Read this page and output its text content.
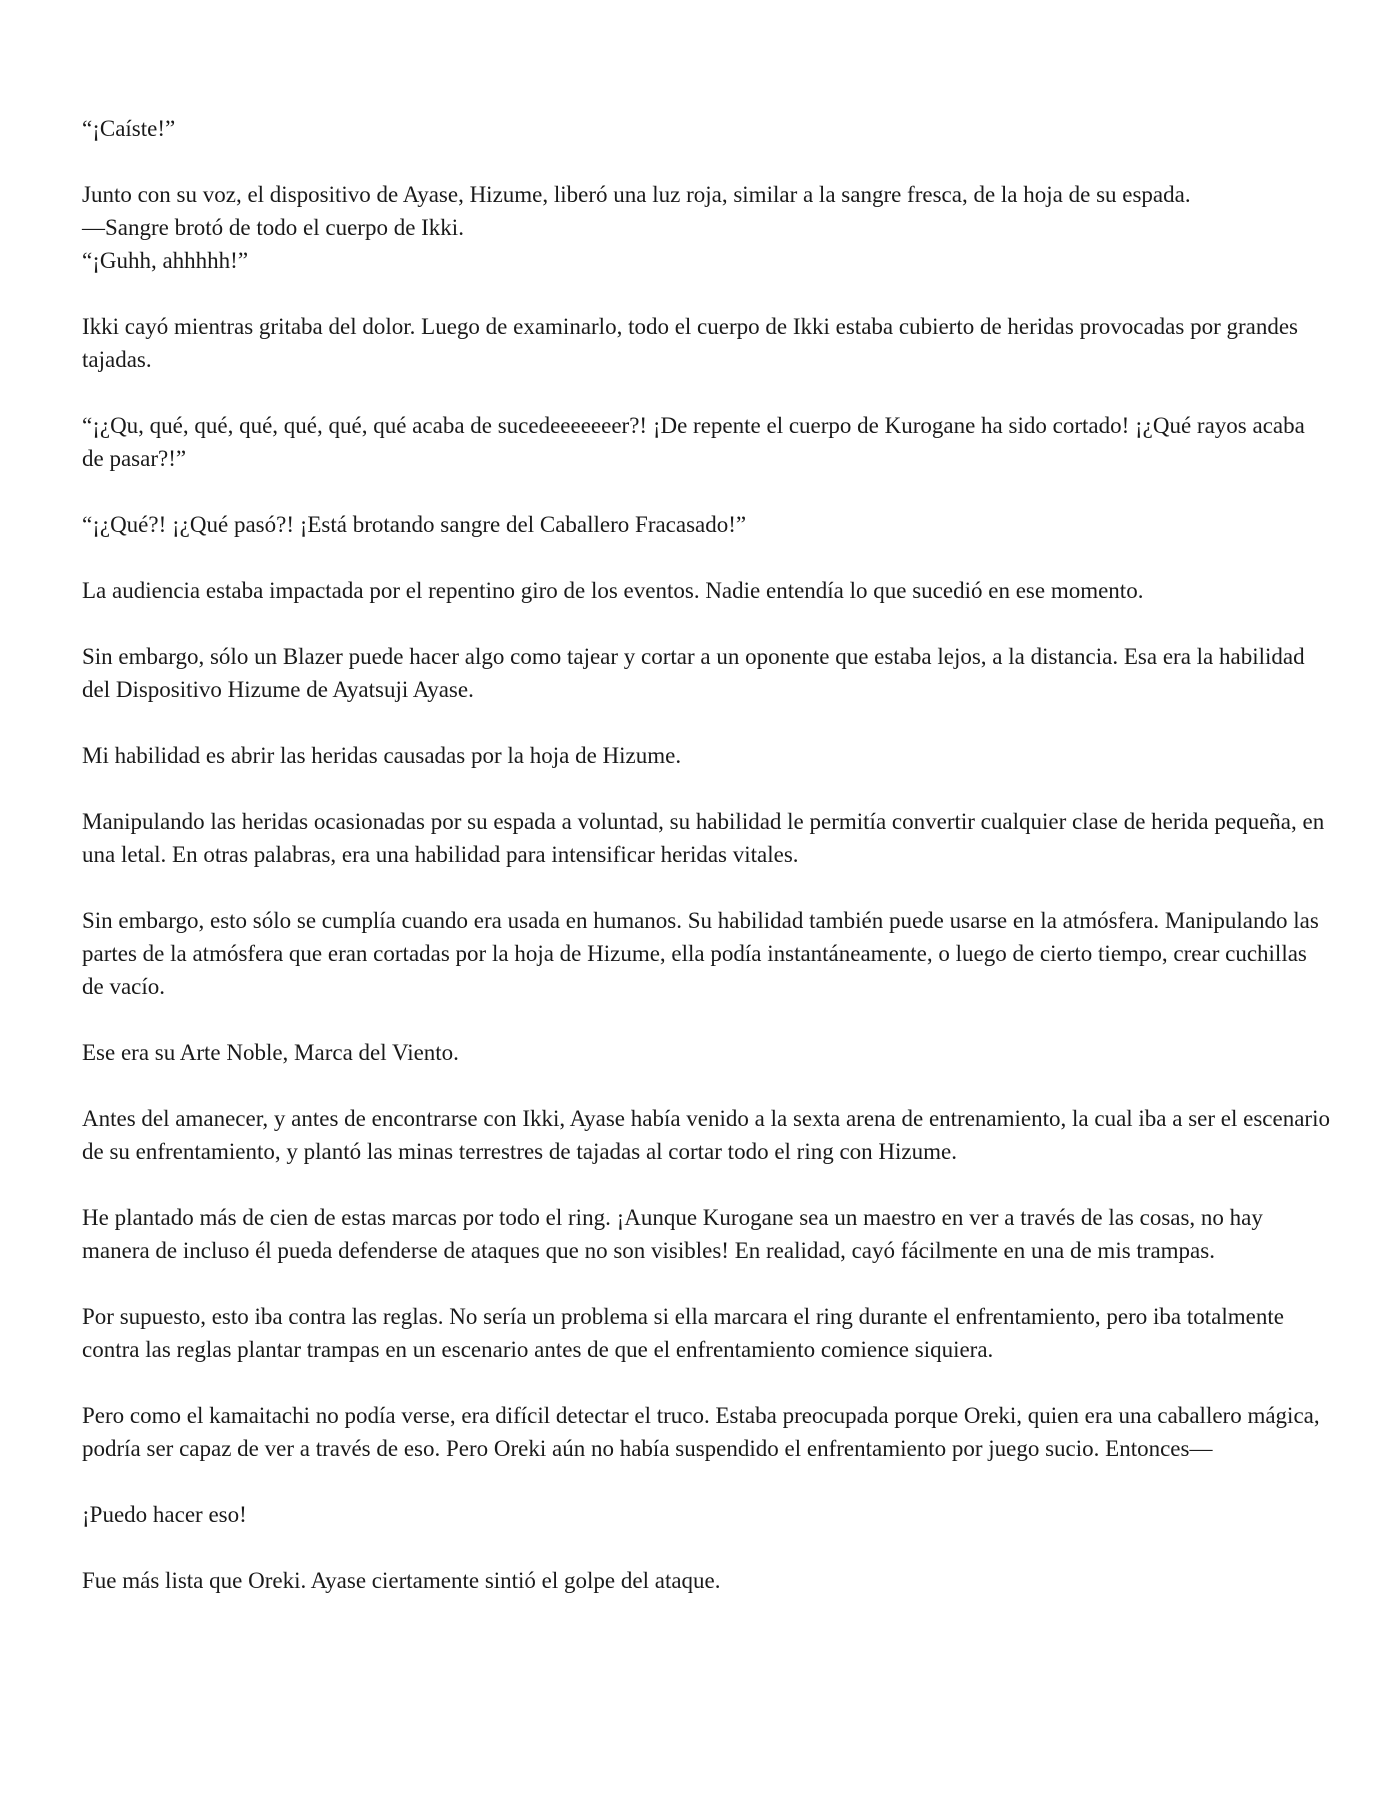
“¡Caíste!”

Junto con su voz, el dispositivo de Ayase, Hizume, liberó una luz roja, similar a la sangre fresca, de la hoja de su espada.

—Sangre brotó de todo el cuerpo de Ikki.

“¡Guhh, ahhhhh!”

Ikki cayó mientras gritaba del dolor. Luego de examinarlo, todo el cuerpo de Ikki estaba cubierto de heridas provocadas por grandes tajadas.

“¡¿Qu, qué, qué, qué, qué, qué, qué acaba de sucedeeeeeeer?! ¡De repente el cuerpo de Kurogane ha sido cortado! ¡¿Qué rayos acaba de pasar?!”

“¡¿Qué?! ¡¿Qué pasó?! ¡Está brotando sangre del Caballero Fracasado!”

La audiencia estaba impactada por el repentino giro de los eventos. Nadie entendía lo que sucedió en ese momento.

Sin embargo, sólo un Blazer puede hacer algo como tajear y cortar a un oponente que estaba lejos, a la distancia. Esa era la habilidad del Dispositivo Hizume de Ayatsuji Ayase.

Mi habilidad es abrir las heridas causadas por la hoja de Hizume.

Manipulando las heridas ocasionadas por su espada a voluntad, su habilidad le permitía convertir cualquier clase de herida pequeña, en una letal. En otras palabras, era una habilidad para intensificar heridas vitales.

Sin embargo, esto sólo se cumplía cuando era usada en humanos. Su habilidad también puede usarse en la atmósfera. Manipulando las partes de la atmósfera que eran cortadas por la hoja de Hizume, ella podía instantáneamente, o luego de cierto tiempo, crear cuchillas de vacío.

Ese era su Arte Noble, Marca del Viento.

Antes del amanecer, y antes de encontrarse con Ikki, Ayase había venido a la sexta arena de entrenamiento, la cual iba a ser el escenario de su enfrentamiento, y plantó las minas terrestres de tajadas al cortar todo el ring con Hizume.

He plantado más de cien de estas marcas por todo el ring. ¡Aunque Kurogane sea un maestro en ver a través de las cosas, no hay manera de incluso él pueda defenderse de ataques que no son visibles! En realidad, cayó fácilmente en una de mis trampas.

Por supuesto, esto iba contra las reglas. No sería un problema si ella marcara el ring durante el enfrentamiento, pero iba totalmente contra las reglas plantar trampas en un escenario antes de que el enfrentamiento comience siquiera.

Pero como el kamaitachi no podía verse, era difícil detectar el truco. Estaba preocupada porque Oreki, quien era una caballero mágica, podría ser capaz de ver a través de eso. Pero Oreki aún no había suspendido el enfrentamiento por juego sucio. Entonces—

¡Puedo hacer eso!

Fue más lista que Oreki. Ayase ciertamente sintió el golpe del ataque.
